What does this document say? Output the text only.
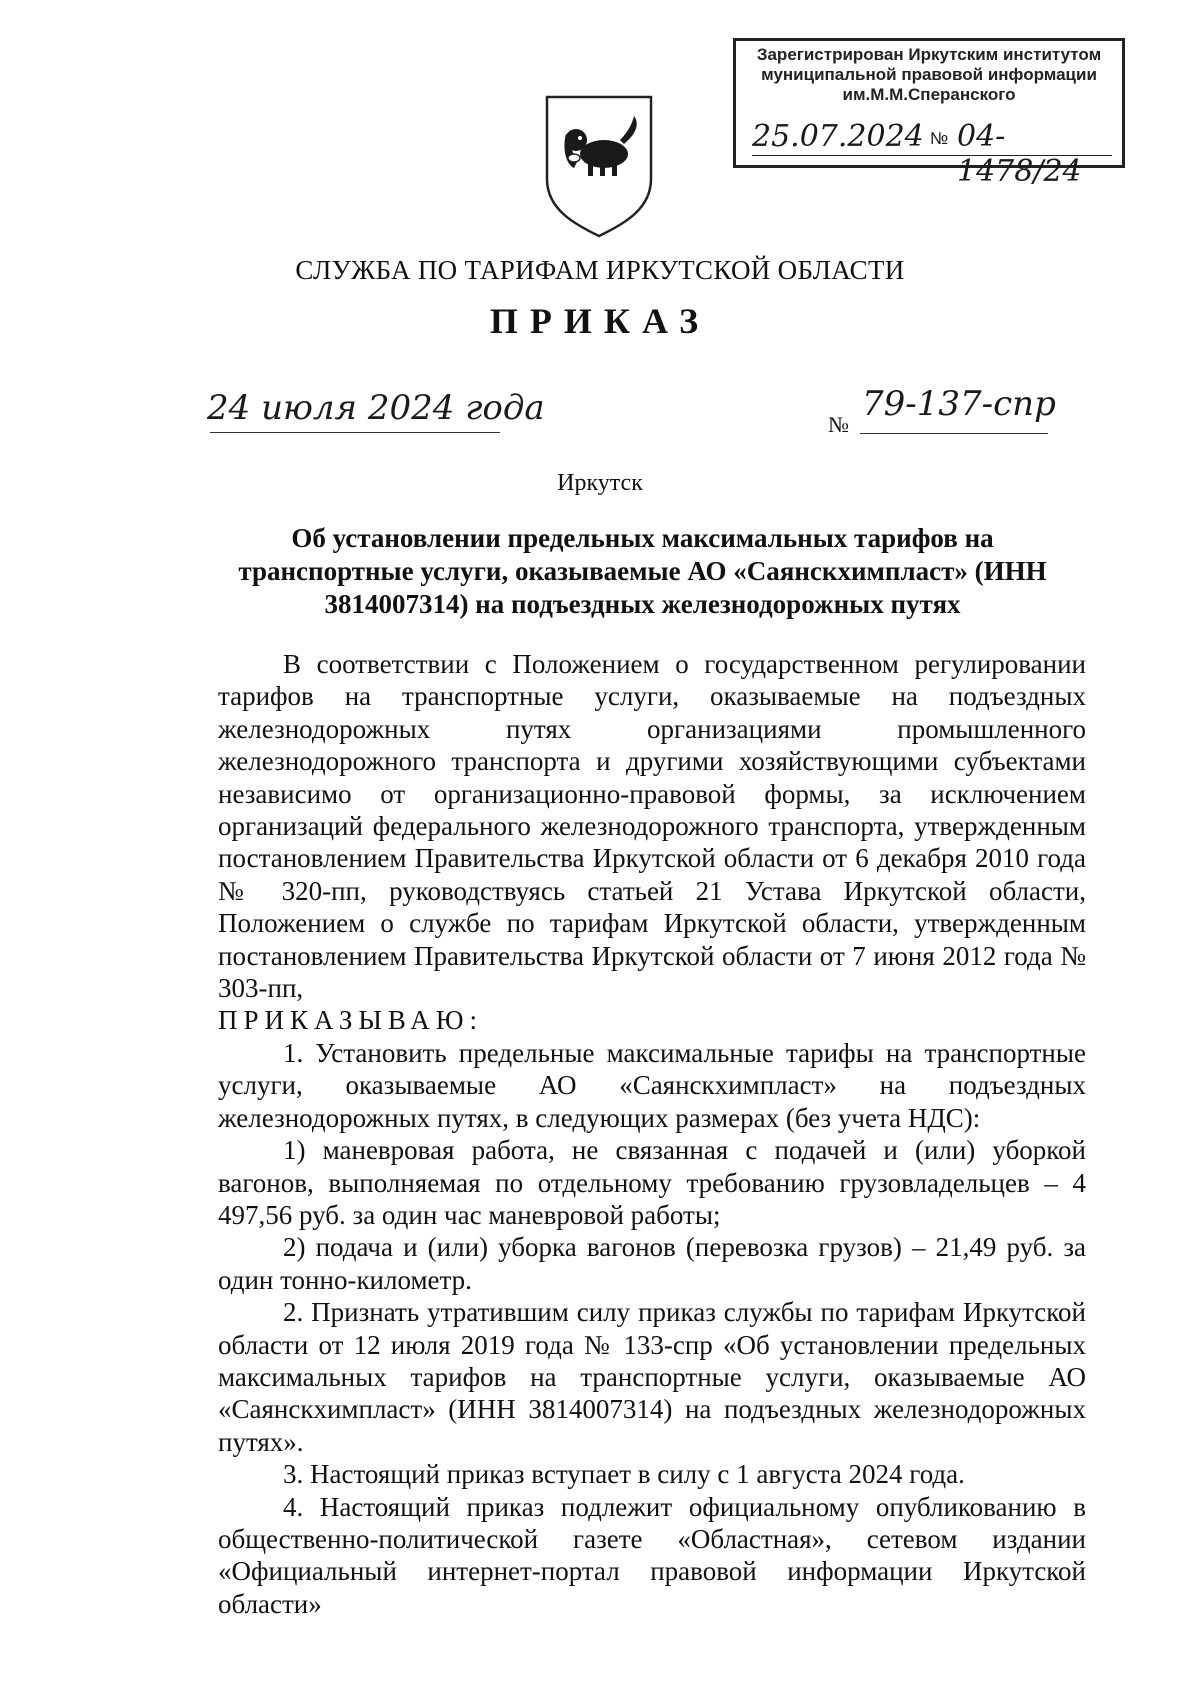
Зарегистрирован Иркутским институтом
муниципальной правовой информации
им.М.М.Сперанского
25.07.2024 № 04-1478/24
СЛУЖБА ПО ТАРИФАМ ИРКУТСКОЙ ОБЛАСТИ
ПРИКАЗ
24 июля 2024 года	№
79-137-спр
Иркутск
Об установлении предельных максимальных тарифов на транспортные услуги, оказываемые АО «Саянскхимпласт» (ИНН 3814007314) на подъездных железнодорожных путях

В соответствии с Положением о государственном регулировании тарифов на транспортные услуги, оказываемые на подъездных железнодорожных путях организациями промышленного железнодорожного транспорта и другими хозяйствующими субъектами независимо от организационно-правовой формы, за исключением организаций федерального железнодорожного транспорта, утвержденным постановлением Правительства Иркутской области от 6 декабря 2010 года № 320-пп, руководствуясь статьей 21 Устава Иркутской области, Положением о службе по тарифам Иркутской области, утвержденным постановлением Правительства Иркутской области от 7 июня 2012 года № 303-пп,

ПРИКАЗЫВАЮ:

1. Установить предельные максимальные тарифы на транспортные услуги, оказываемые АО «Саянскхимпласт» на подъездных железнодорожных путях, в следующих размерах (без учета НДС):

1) маневровая работа, не связанная с подачей и (или) уборкой вагонов, выполняемая по отдельному требованию грузовладельцев – 4 497,56 руб. за один час маневровой работы;

2) подача и (или) уборка вагонов (перевозка грузов) – 21,49 руб. за один тонно-километр.

2. Признать утратившим силу приказ службы по тарифам Иркутской области от 12 июля 2019 года № 133-спр «Об установлении предельных максимальных тарифов на транспортные услуги, оказываемые АО «Саянскхимпласт» (ИНН 3814007314) на подъездных железнодорожных путях».

3. Настоящий приказ вступает в силу с 1 августа 2024 года.

4. Настоящий приказ подлежит официальному опубликованию в общественно-политической газете «Областная», сетевом издании «Официальный интернет-портал правовой информации Иркутской области»
